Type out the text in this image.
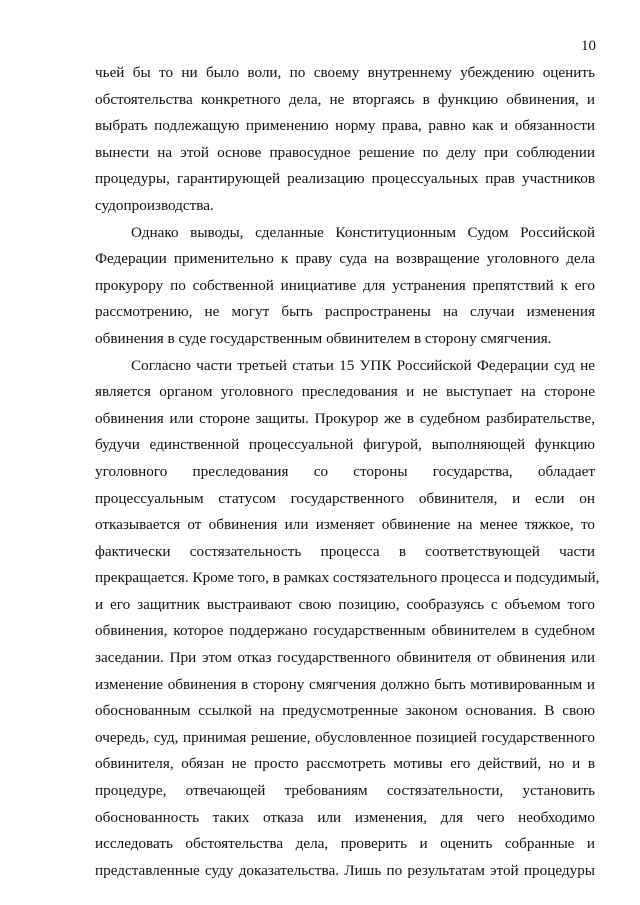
10
чьей бы то ни было воли, по своему внутреннему убеждению оценить
обстоятельства конкретного дела, не вторгаясь в функцию обвинения, и
выбрать подлежащую применению норму права, равно как и обязанности
вынести на этой основе правосудное решение по делу при соблюдении
процедуры, гарантирующей реализацию процессуальных прав участников
судопроизводства.
Однако выводы, сделанные Конституционным Судом Российской
Федерации применительно к праву суда на возвращение уголовного дела
прокурору по собственной инициативе для устранения препятствий к его
рассмотрению, не могут быть распространены на случаи изменения
обвинения в суде государственным обвинителем в сторону смягчения.
Согласно части третьей статьи 15 УПК Российской Федерации суд не
является органом уголовного преследования и не выступает на стороне
обвинения или стороне защиты. Прокурор же в судебном разбирательстве,
будучи единственной процессуальной фигурой, выполняющей функцию
уголовного преследования со стороны государства, обладает
процессуальным статусом государственного обвинителя, и если он
отказывается от обвинения или изменяет обвинение на менее тяжкое, то
фактически состязательность процесса в соответствующей части
прекращается. Кроме того, в рамках состязательного процесса и подсудимый,
и его защитник выстраивают свою позицию, сообразуясь с объемом того
обвинения, которое поддержано государственным обвинителем в судебном
заседании. При этом отказ государственного обвинителя от обвинения или
изменение обвинения в сторону смягчения должно быть мотивированным и
обоснованным ссылкой на предусмотренные законом основания. В свою
очередь, суд, принимая решение, обусловленное позицией государственного
обвинителя, обязан не просто рассмотреть мотивы его действий, но и в
процедуре, отвечающей требованиям состязательности, установить
обоснованность таких отказа или изменения, для чего необходимо
исследовать обстоятельства дела, проверить и оценить собранные и
представленные суду доказательства. Лишь по результатам этой процедуры
